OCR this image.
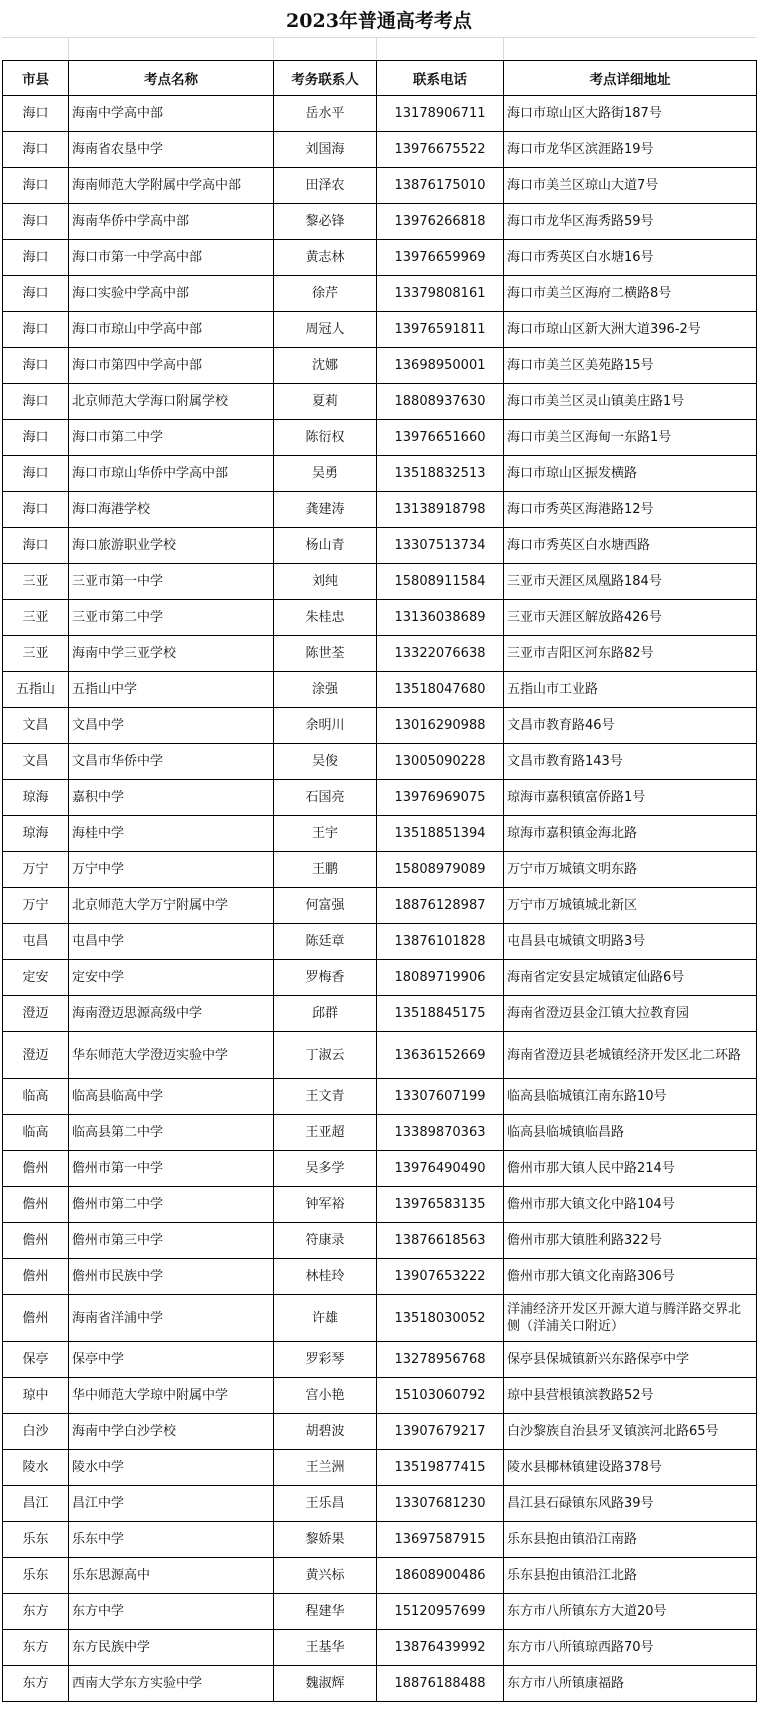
2023年普通高考考点
市县	考点名称	考务联系人	联系电话	考点详细地址
海口	海南中学高中部	岳水平	13178906711	海口市琼山区大路街187号
海口	海南省农垦中学	刘国海	13976675522	海口市龙华区滨涯路19号
海口	海南师范大学附属中学高中部	田泽农	13876175010	海口市美兰区琼山大道7号
海口	海南华侨中学高中部	黎必锋	13976266818	海口市龙华区海秀路59号
海口	海口市第一中学高中部	黄志林	13976659969	海口市秀英区白水塘16号
海口	海口实验中学高中部	徐芹	13379808161	海口市美兰区海府二横路8号
海口	海口市琼山中学高中部	周冠人	13976591811	海口市琼山区新大洲大道396-2号
海口	海口市第四中学高中部	沈娜	13698950001	海口市美兰区美苑路15号
海口	北京师范大学海口附属学校	夏莉	18808937630	海口市美兰区灵山镇美庄路1号
海口	海口市第二中学	陈衍权	13976651660	海口市美兰区海甸一东路1号
海口	海口市琼山华侨中学高中部	吴勇	13518832513	海口市琼山区振发横路
海口	海口海港学校	龚建涛	13138918798	海口市秀英区海港路12号
海口	海口旅游职业学校	杨山青	13307513734	海口市秀英区白水塘西路
三亚	三亚市第一中学	刘纯	15808911584	三亚市天涯区凤凰路184号
三亚	三亚市第二中学	朱桂忠	13136038689	三亚市天涯区解放路426号
三亚	海南中学三亚学校	陈世荃	13322076638	三亚市吉阳区河东路82号
五指山	五指山中学	涂强	13518047680	五指山市工业路
文昌	文昌中学	余明川	13016290988	文昌市教育路46号
文昌	文昌市华侨中学	吴俊	13005090228	文昌市教育路143号
琼海	嘉积中学	石国亮	13976969075	琼海市嘉积镇富侨路1号
琼海	海桂中学	王宇	13518851394	琼海市嘉积镇金海北路
万宁	万宁中学	王鹏	15808979089	万宁市万城镇文明东路
万宁	北京师范大学万宁附属中学	何富强	18876128987	万宁市万城镇城北新区
屯昌	屯昌中学	陈廷章	13876101828	屯昌县屯城镇文明路3号
定安	定安中学	罗梅香	18089719906	海南省定安县定城镇定仙路6号
澄迈	海南澄迈思源高级中学	邱群	13518845175	海南省澄迈县金江镇大拉教育园
澄迈	华东师范大学澄迈实验中学	丁淑云	13636152669	海南省澄迈县老城镇经济开发区北二环路
临高	临高县临高中学	王文青	13307607199	临高县临城镇江南东路10号
临高	临高县第二中学	王亚超	13389870363	临高县临城镇临昌路
儋州	儋州市第一中学	吴多学	13976490490	儋州市那大镇人民中路214号
儋州	儋州市第二中学	钟军裕	13976583135	儋州市那大镇文化中路104号
儋州	儋州市第三中学	符康录	13876618563	儋州市那大镇胜利路322号
儋州	儋州市民族中学	林桂玲	13907653222	儋州市那大镇文化南路306号
儋州	海南省洋浦中学	许雄	13518030052	洋浦经济开发区开源大道与腾洋路交界北侧（洋浦关口附近）
保亭	保亭中学	罗彩琴	13278956768	保亭县保城镇新兴东路保亭中学
琼中	华中师范大学琼中附属中学	宫小艳	15103060792	琼中县营根镇滨教路52号
白沙	海南中学白沙学校	胡碧波	13907679217	白沙黎族自治县牙叉镇滨河北路65号
陵水	陵水中学	王兰洲	13519877415	陵水县椰林镇建设路378号
昌江	昌江中学	王乐昌	13307681230	昌江县石碌镇东风路39号
乐东	乐东中学	黎娇果	13697587915	乐东县抱由镇沿江南路
乐东	乐东思源高中	黄兴标	18608900486	乐东县抱由镇沿江北路
东方	东方中学	程建华	15120957699	东方市八所镇东方大道20号
东方	东方民族中学	王基华	13876439992	东方市八所镇琼西路70号
东方	西南大学东方实验中学	魏淑辉	18876188488	东方市八所镇康福路
